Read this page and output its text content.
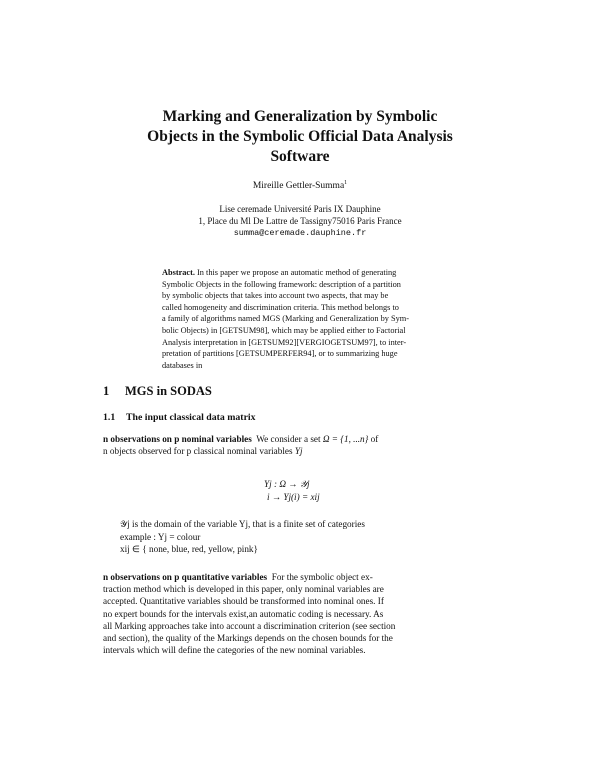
Marking and Generalization by Symbolic
Objects in the Symbolic Official Data Analysis
Software
Mireille Gettler-Summa$^1$
Lise ceremade Université Paris IX Dauphine
1, Place du Ml De Lattre de Tassigny75016 Paris France
summa@ceremade.dauphine.fr
Abstract. In this paper we propose an automatic method of generating
Symbolic Objects in the following framework: description of a partition
by symbolic objects that takes into account two aspects, that may be
called homogeneity and discrimination criteria. This method belongs to
a family of algorithms named MGS (Marking and Generalization by Sym-
bolic Objects) in [GETSUM98], which may be applied either to Factorial
Analysis interpretation in [GETSUM92][VERGIOGETSUM97], to inter-
pretation of partitions [GETSUMPERFER94], or to summarizing huge
databases in
1 MGS in SODAS
1.1 The input classical data matrix
n observations on p nominal variables We consider a set Ω = {1, ...n} of
n objects observed for p classical nominal variables Yj
Yj : Ω → 𝒴j
i → Yj(i) = xij
𝒴j is the domain of the variable Yj, that is a finite set of categories
example : Yj = colour
xij ∈ { none, blue, red, yellow, pink}
n observations on p quantitative variables For the symbolic object ex-
traction method which is developed in this paper, only nominal variables are
accepted. Quantitative variables should be transformed into nominal ones. If
no expert bounds for the intervals exist,an automatic coding is necessary. As
all Marking approaches take into account a discrimination criterion (see section
and section), the quality of the Markings depends on the chosen bounds for the
intervals which will define the categories of the new nominal variables.
